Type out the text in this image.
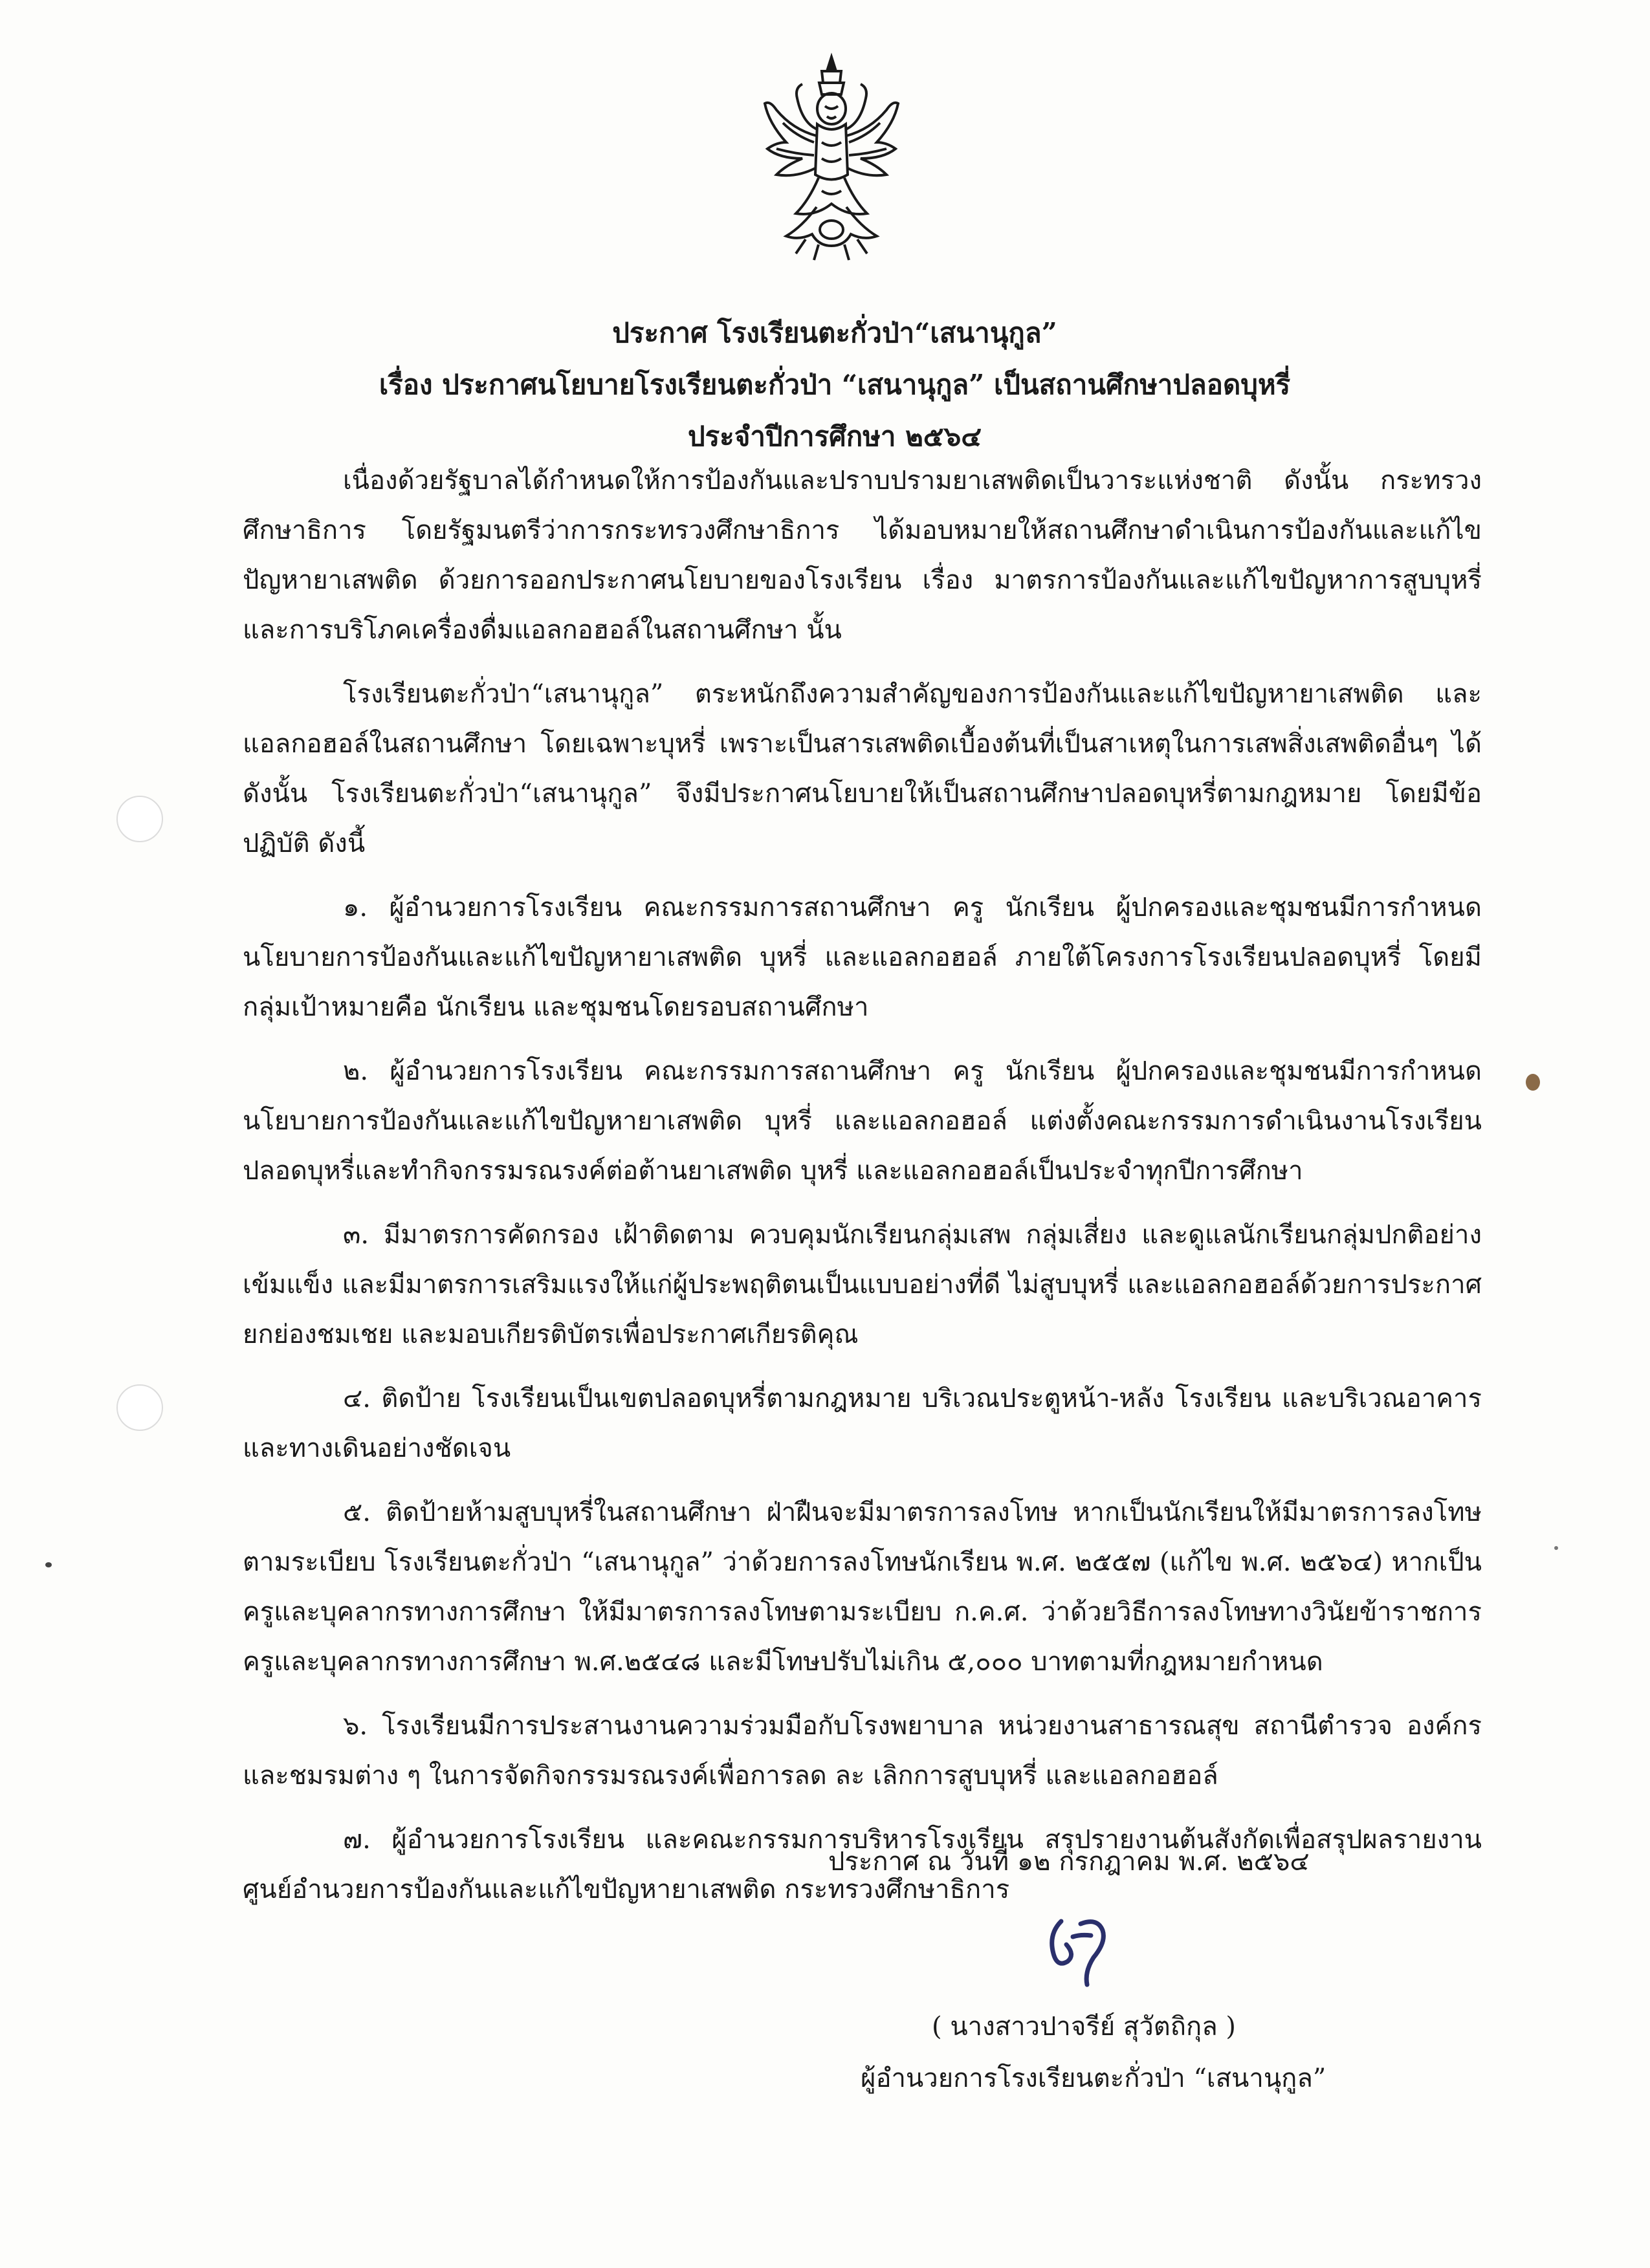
ประกาศ โรงเรียนตะกั่วป่า“เสนานุกูล”
เรื่อง ประกาศนโยบายโรงเรียนตะกั่วป่า “เสนานุกูล” เป็นสถานศึกษาปลอดบุหรี่
ประจำปีการศึกษา ๒๕๖๔

เนื่องด้วยรัฐบาลได้กำหนดให้การป้องกันและปราบปรามยาเสพติดเป็นวาระแห่งชาติ ดังนั้น กระทรวงศึกษาธิการ โดยรัฐมนตรีว่าการกระทรวงศึกษาธิการ ได้มอบหมายให้สถานศึกษาดำเนินการป้องกันและแก้ไขปัญหายาเสพติด ด้วยการออกประกาศนโยบายของโรงเรียน เรื่อง มาตรการป้องกันและแก้ไขปัญหาการสูบบุหรี่และการบริโภคเครื่องดื่มแอลกอฮอล์ในสถานศึกษา นั้น

โรงเรียนตะกั่วป่า“เสนานุกูล” ตระหนักถึงความสำคัญของการป้องกันและแก้ไขปัญหายาเสพติด และแอลกอฮอล์ในสถานศึกษา โดยเฉพาะบุหรี่ เพราะเป็นสารเสพติดเบื้องต้นที่เป็นสาเหตุในการเสพสิ่งเสพติดอื่นๆ ได้ ดังนั้น โรงเรียนตะกั่วป่า“เสนานุกูล” จึงมีประกาศนโยบายให้เป็นสถานศึกษาปลอดบุหรี่ตามกฎหมาย โดยมีข้อปฏิบัติ ดังนี้

๑. ผู้อำนวยการโรงเรียน คณะกรรมการสถานศึกษา ครู นักเรียน ผู้ปกครองและชุมชนมีการกำหนดนโยบายการป้องกันและแก้ไขปัญหายาเสพติด บุหรี่ และแอลกอฮอล์ ภายใต้โครงการโรงเรียนปลอดบุหรี่ โดยมีกลุ่มเป้าหมายคือ นักเรียน และชุมชนโดยรอบสถานศึกษา

๒. ผู้อำนวยการโรงเรียน คณะกรรมการสถานศึกษา ครู นักเรียน ผู้ปกครองและชุมชนมีการกำหนดนโยบายการป้องกันและแก้ไขปัญหายาเสพติด บุหรี่ และแอลกอฮอล์ แต่งตั้งคณะกรรมการดำเนินงานโรงเรียนปลอดบุหรี่และทำกิจกรรมรณรงค์ต่อต้านยาเสพติด บุหรี่ และแอลกอฮอล์เป็นประจำทุกปีการศึกษา

๓. มีมาตรการคัดกรอง เฝ้าติดตาม ควบคุมนักเรียนกลุ่มเสพ กลุ่มเสี่ยง และดูแลนักเรียนกลุ่มปกติอย่างเข้มแข็ง และมีมาตรการเสริมแรงให้แก่ผู้ประพฤติตนเป็นแบบอย่างที่ดี ไม่สูบบุหรี่ และแอลกอฮอล์ด้วยการประกาศยกย่องชมเชย และมอบเกียรติบัตรเพื่อประกาศเกียรติคุณ

๔. ติดป้าย โรงเรียนเป็นเขตปลอดบุหรี่ตามกฎหมาย บริเวณประตูหน้า-หลัง โรงเรียน และบริเวณอาคารและทางเดินอย่างชัดเจน

๕. ติดป้ายห้ามสูบบุหรี่ในสถานศึกษา ฝ่าฝืนจะมีมาตรการลงโทษ หากเป็นนักเรียนให้มีมาตรการลงโทษตามระเบียบ โรงเรียนตะกั่วป่า “เสนานุกูล” ว่าด้วยการลงโทษนักเรียน พ.ศ. ๒๕๕๗ (แก้ไข พ.ศ. ๒๕๖๔) หากเป็นครูและบุคลากรทางการศึกษา ให้มีมาตรการลงโทษตามระเบียบ ก.ค.ศ. ว่าด้วยวิธีการลงโทษทางวินัยข้าราชการครูและบุคลากรทางการศึกษา พ.ศ.๒๕๔๘ และมีโทษปรับไม่เกิน ๕,๐๐๐ บาทตามที่กฎหมายกำหนด

๖. โรงเรียนมีการประสานงานความร่วมมือกับโรงพยาบาล หน่วยงานสาธารณสุข สถานีตำรวจ องค์กรและชมรมต่าง ๆ ในการจัดกิจกรรมรณรงค์เพื่อการลด ละ เลิกการสูบบุหรี่ และแอลกอฮอล์

๗. ผู้อำนวยการโรงเรียน และคณะกรรมการบริหารโรงเรียน สรุปรายงานต้นสังกัดเพื่อสรุปผลรายงานศูนย์อำนวยการป้องกันและแก้ไขปัญหายาเสพติด กระทรวงศึกษาธิการ

ประกาศ ณ วันที่ ๑๒ กรกฎาคม พ.ศ. ๒๕๖๔
( นางสาวปาจรีย์ สุวัตถิกุล )
ผู้อำนวยการโรงเรียนตะกั่วป่า “เสนานุกูล”
